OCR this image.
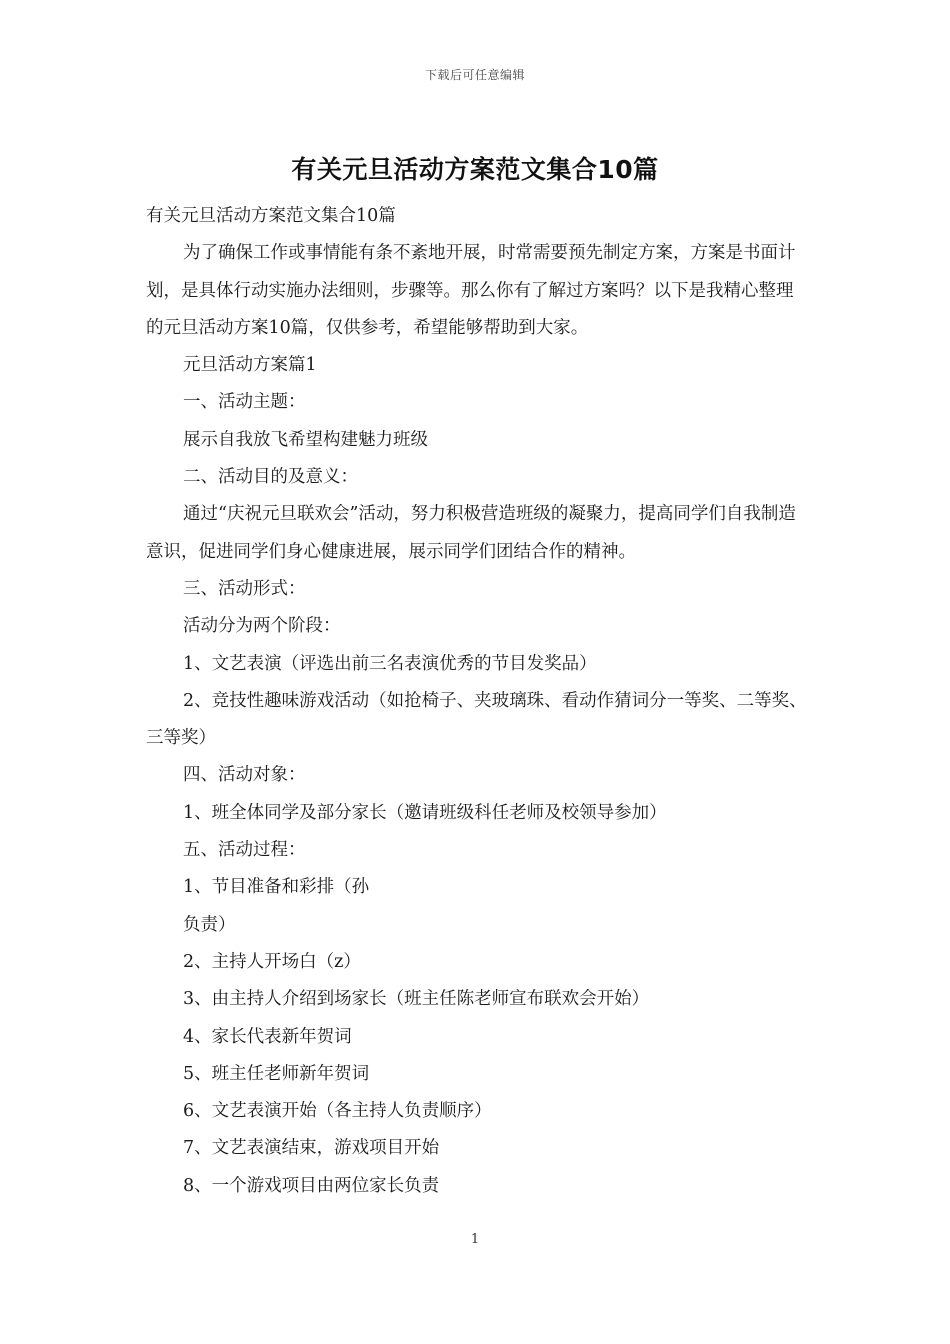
下载后可任意编辑
有关元旦活动方案范文集合10篇

有关元旦活动方案范文集合10篇

为了确保工作或事情能有条不紊地开展，时常需要预先制定方案，方案是书面计划，是具体行动实施办法细则，步骤等。那么你有了解过方案吗？以下是我精心整理的元旦活动方案10篇，仅供参考，希望能够帮助到大家。

元旦活动方案篇1

一、活动主题：

展示自我放飞希望构建魅力班级

二、活动目的及意义：

通过“庆祝元旦联欢会”活动，努力积极营造班级的凝聚力，提高同学们自我制造意识，促进同学们身心健康进展，展示同学们团结合作的精神。

三、活动形式：

活动分为两个阶段：

1、文艺表演（评选出前三名表演优秀的节目发奖品）

2、竞技性趣味游戏活动（如抢椅子、夹玻璃珠、看动作猜词分一等奖、二等奖、三等奖）

四、活动对象：

1、班全体同学及部分家长（邀请班级科任老师及校领导参加）

五、活动过程：

1、节目准备和彩排（孙

负责）

2、主持人开场白（z）

3、由主持人介绍到场家长（班主任陈老师宣布联欢会开始）

4、家长代表新年贺词

5、班主任老师新年贺词

6、文艺表演开始（各主持人负责顺序）

7、文艺表演结束，游戏项目开始

8、一个游戏项目由两位家长负责

1
